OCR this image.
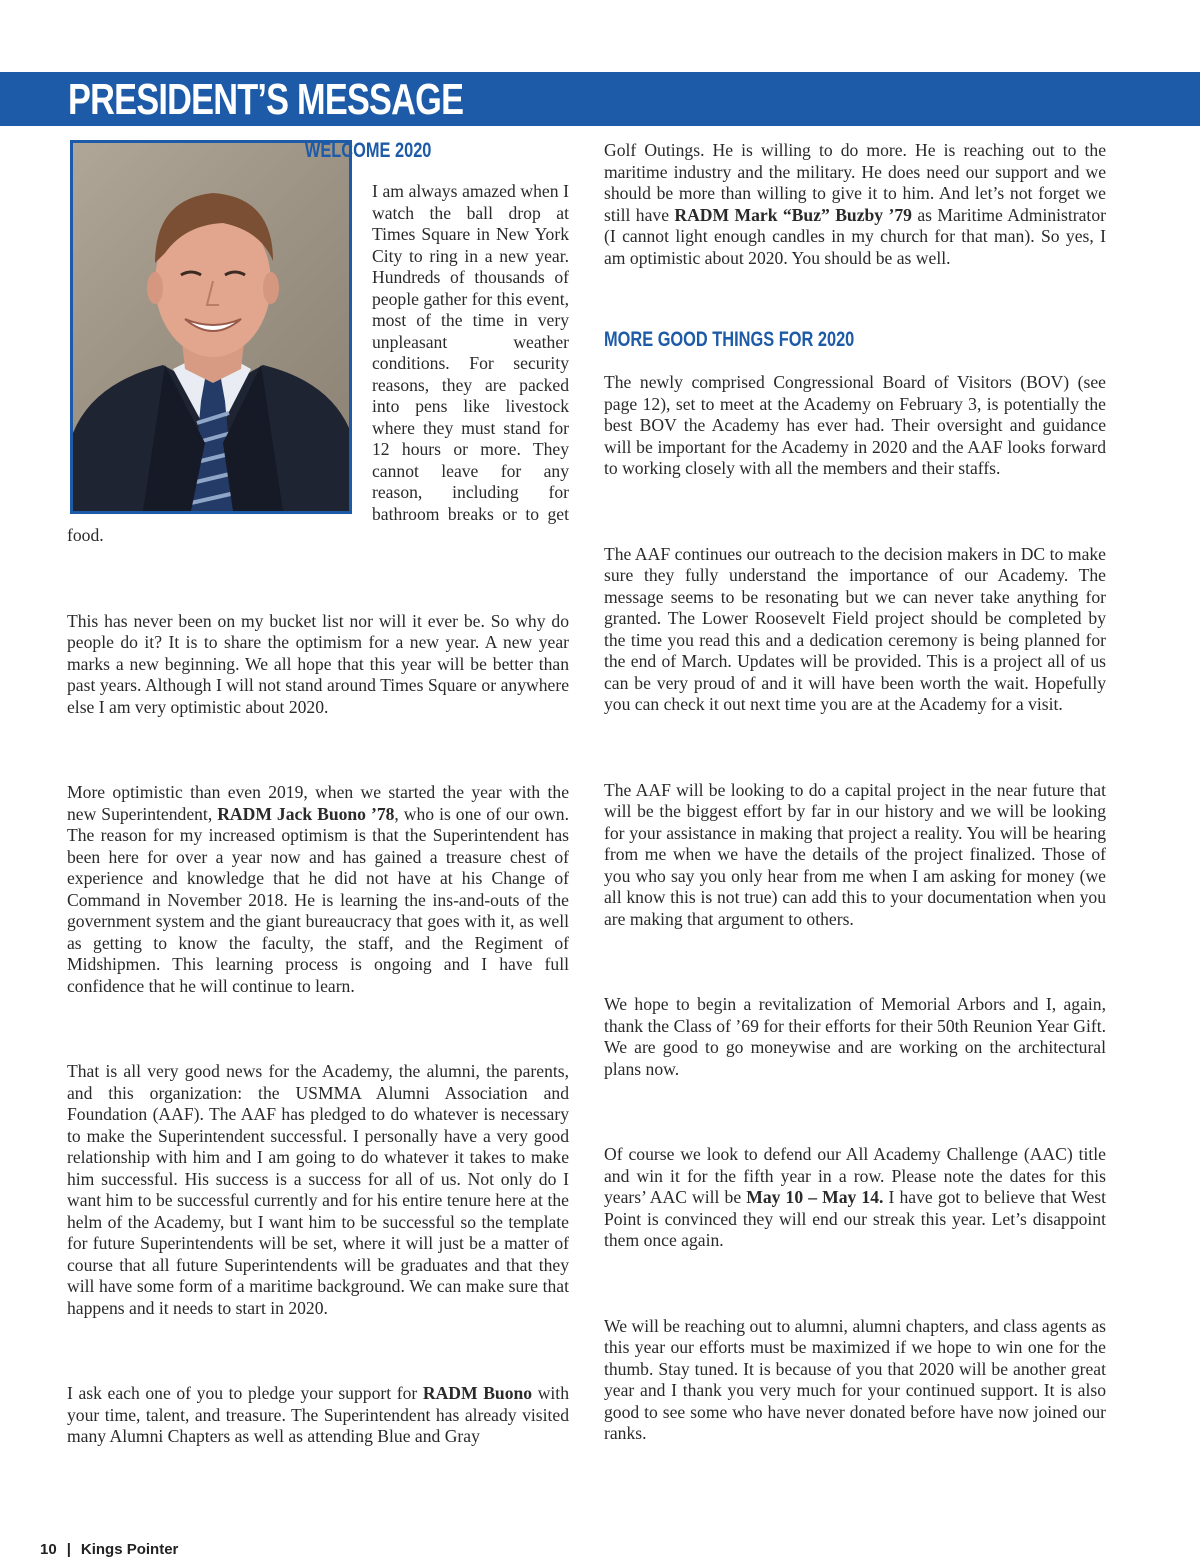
PRESIDENT’S MESSAGE
WELCOME 2020

I am always amazed when I watch the ball drop at Times Square in New York City to ring in a new year. Hundreds of thousands of people gather for this event, most of the time in very unpleasant weather conditions. For security reasons, they are packed into pens like livestock where they must stand for 12 hours or more. They cannot leave for any reason, including for bathroom breaks or to get food.

This has never been on my bucket list nor will it ever be. So why do people do it? It is to share the optimism for a new year. A new year marks a new beginning. We all hope that this year will be better than past years. Although I will not stand around Times Square or anywhere else I am very optimistic about 2020.

More optimistic than even 2019, when we started the year with the new Superintendent, RADM Jack Buono ’78, who is one of our own. The reason for my increased optimism is that the Superintendent has been here for over a year now and has gained a treasure chest of experience and knowledge that he did not have at his Change of Command in November 2018. He is learning the ins-and-outs of the government system and the giant bureaucracy that goes with it, as well as getting to know the faculty, the staff, and the Regiment of Midshipmen. This learning process is ongoing and I have full confidence that he will continue to learn.

That is all very good news for the Academy, the alumni, the parents, and this organization: the USMMA Alumni Association and Foundation (AAF). The AAF has pledged to do whatever is necessary to make the Superintendent successful. I personally have a very good relationship with him and I am going to do whatever it takes to make him successful. His success is a success for all of us. Not only do I want him to be successful currently and for his entire tenure here at the helm of the Academy, but I want him to be successful so the template for future Superintendents will be set, where it will just be a matter of course that all future Superintendents will be graduates and that they will have some form of a maritime background. We can make sure that happens and it needs to start in 2020.

I ask each one of you to pledge your support for RADM Buono with your time, talent, and treasure. The Superintendent has already visited many Alumni Chapters as well as attending Blue and Gray

Golf Outings. He is willing to do more. He is reaching out to the maritime industry and the military. He does need our support and we should be more than willing to give it to him. And let’s not forget we still have RADM Mark “Buz” Buzby ’79 as Maritime Administrator (I cannot light enough candles in my church for that man). So yes, I am optimistic about 2020. You should be as well.

MORE GOOD THINGS FOR 2020

The newly comprised Congressional Board of Visitors (BOV) (see page 12), set to meet at the Academy on February 3, is potentially the best BOV the Academy has ever had. Their oversight and guidance will be important for the Academy in 2020 and the AAF looks forward to working closely with all the members and their staffs.

The AAF continues our outreach to the decision makers in DC to make sure they fully understand the importance of our Academy. The message seems to be resonating but we can never take anything for granted. The Lower Roosevelt Field project should be completed by the time you read this and a dedication ceremony is being planned for the end of March. Updates will be provided. This is a project all of us can be very proud of and it will have been worth the wait. Hopefully you can check it out next time you are at the Academy for a visit.

The AAF will be looking to do a capital project in the near future that will be the biggest effort by far in our history and we will be looking for your assistance in making that project a reality. You will be hearing from me when we have the details of the project finalized. Those of you who say you only hear from me when I am asking for money (we all know this is not true) can add this to your documentation when you are making that argument to others.

We hope to begin a revitalization of Memorial Arbors and I, again, thank the Class of ’69 for their efforts for their 50th Reunion Year Gift. We are good to go moneywise and are working on the architectural plans now.

Of course we look to defend our All Academy Challenge (AAC) title and win it for the fifth year in a row. Please note the dates for this years’ AAC will be May 10 – May 14. I have got to believe that West Point is convinced they will end our streak this year. Let’s disappoint them once again.

We will be reaching out to alumni, alumni chapters, and class agents as this year our efforts must be maximized if we hope to win one for the thumb. Stay tuned. It is because of you that 2020 will be another great year and I thank you very much for your continued support. It is also good to see some who have never donated before have now joined our ranks.

10 | Kings Pointer
